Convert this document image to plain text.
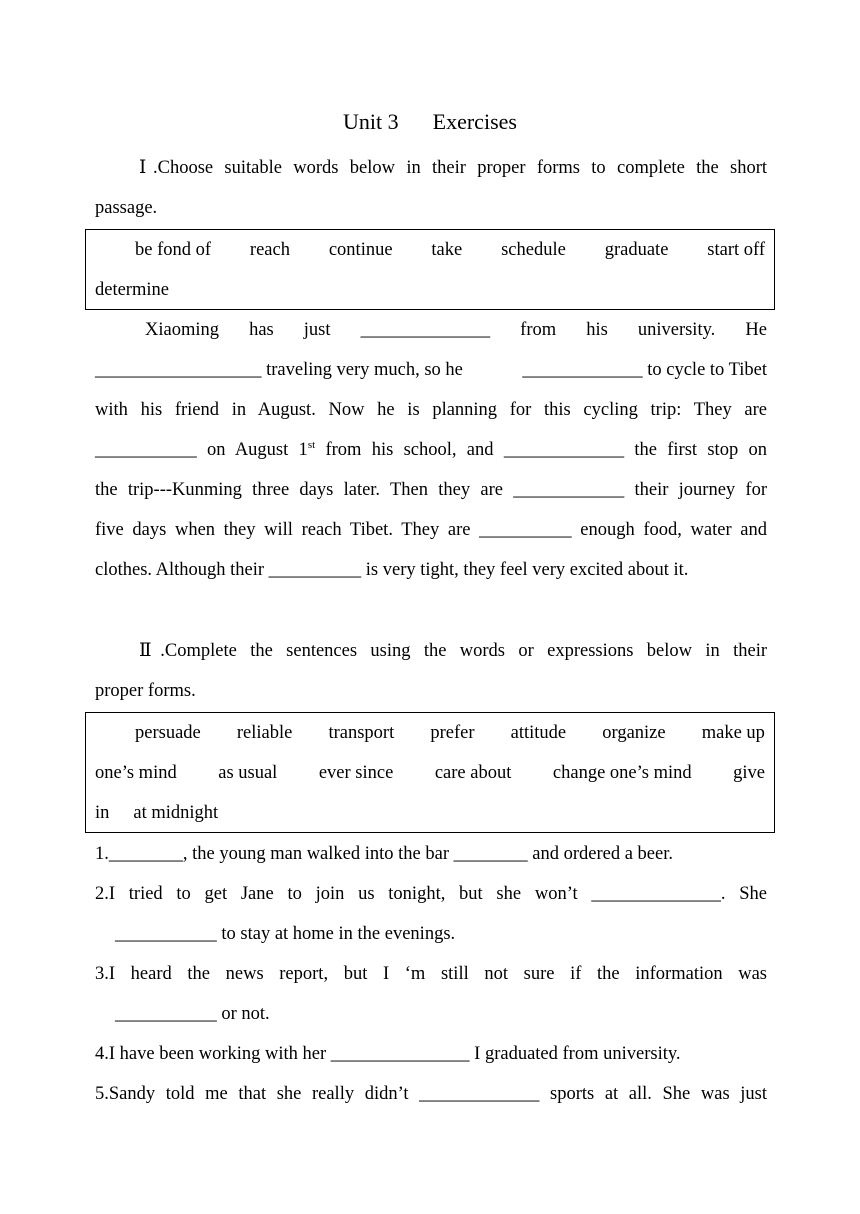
Unit 3 Exercises
Ⅰ.Choose suitable words below in their proper forms to complete the short
passage.
be fond of reach continue take schedule graduate start off
determine
Xiaoming has just ______________ from his university. He
__________________ traveling very much, so he	_____________ to cycle to Tibet
with his friend in August. Now he is planning for this cycling trip: They are
___________ on August 1st from his school, and _____________ the first stop on
the trip---Kunming three days later. Then they are ____________ their journey for
five days when they will reach Tibet. They are __________ enough food, water and
clothes. Although their __________ is very tight, they feel very excited about it.
Ⅱ.Complete the sentences using the words or expressions below in their
proper forms.
persuade reliable transport prefer attitude organize make up
one’s mind as usual ever since care about change one’s mind give
in at midnight
1.________, the young man walked into the bar ________ and ordered a beer.
2.I tried to get Jane to join us tonight, but she won’t ______________. She
___________ to stay at home in the evenings.
3.I heard the news report, but I ‘m still not sure if the information was
___________ or not.
4.I have been working with her _______________ I graduated from university.
5.Sandy told me that she really didn’t _____________ sports at all. She was just
